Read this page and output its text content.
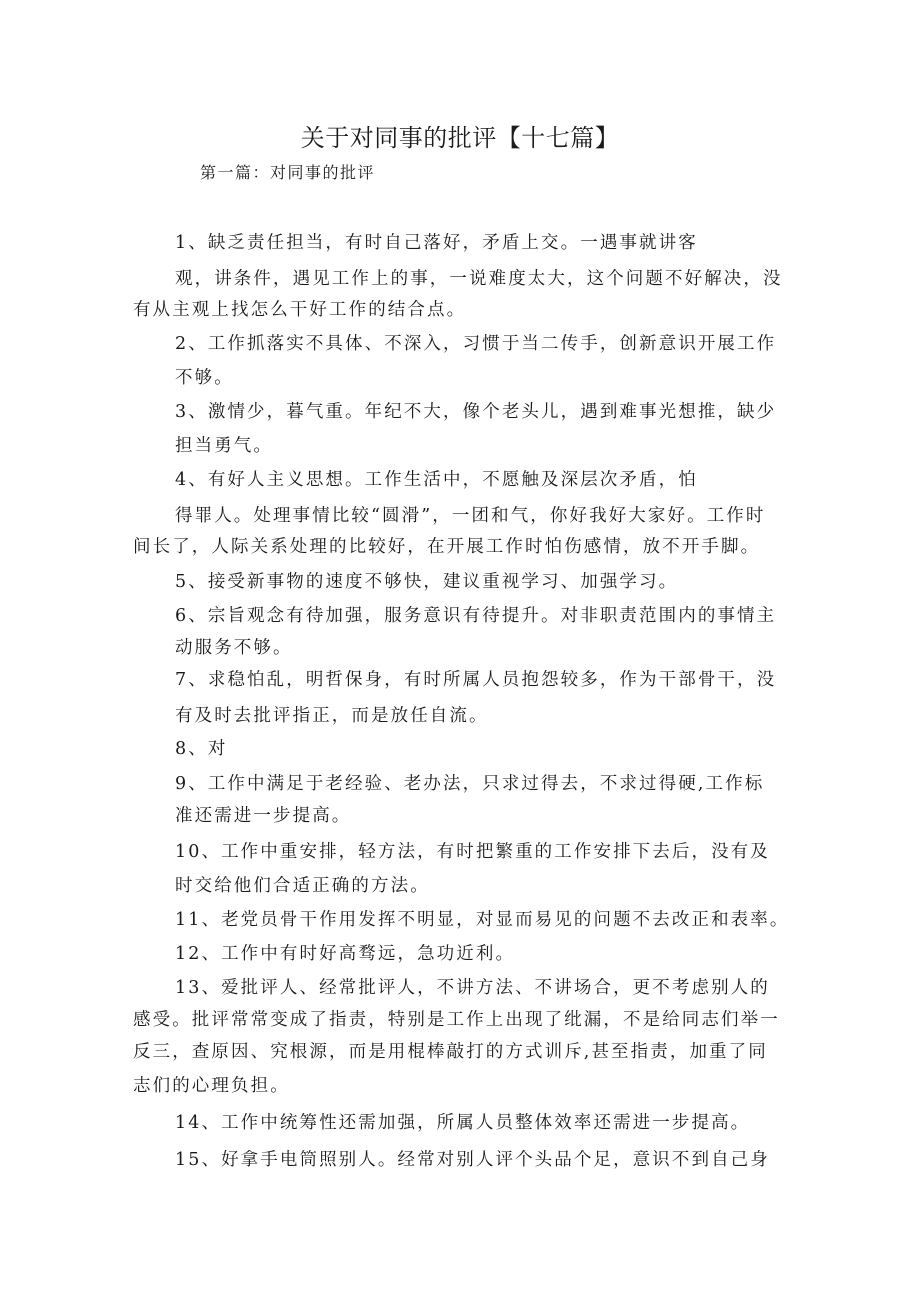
关于对同事的批评【十七篇】

第一篇：对同事的批评

1、缺乏责任担当，有时自己落好，矛盾上交。一遇事就讲客

观，讲条件，遇见工作上的事，一说难度太大，这个问题不好解决，没

有从主观上找怎么干好工作的结合点。

2、工作抓落实不具体、不深入，习惯于当二传手，创新意识开展工作

不够。

3、激情少，暮气重。年纪不大，像个老头儿，遇到难事光想推，缺少

担当勇气。

4、有好人主义思想。工作生活中，不愿触及深层次矛盾，怕

得罪人。处理事情比较“圆滑”，一团和气，你好我好大家好。工作时

间长了，人际关系处理的比较好，在开展工作时怕伤感情，放不开手脚。

5、接受新事物的速度不够快，建议重视学习、加强学习。

6、宗旨观念有待加强，服务意识有待提升。对非职责范围内的事情主

动服务不够。

7、求稳怕乱，明哲保身，有时所属人员抱怨较多，作为干部骨干，没

有及时去批评指正，而是放任自流。

8、对

9、工作中满足于老经验、老办法，只求过得去，不求过得硬,工作标

准还需进一步提高。

10、工作中重安排，轻方法，有时把繁重的工作安排下去后，没有及

时交给他们合适正确的方法。

11、老党员骨干作用发挥不明显，对显而易见的问题不去改正和表率。

12、工作中有时好高骛远，急功近利。

13、爱批评人、经常批评人，不讲方法、不讲场合，更不考虑别人的

感受。批评常常变成了指责，特别是工作上出现了纰漏，不是给同志们举一

反三，查原因、究根源，而是用棍棒敲打的方式训斥,甚至指责，加重了同

志们的心理负担。

14、工作中统筹性还需加强，所属人员整体效率还需进一步提高。

15、好拿手电筒照别人。经常对别人评个头品个足，意识不到自己身
